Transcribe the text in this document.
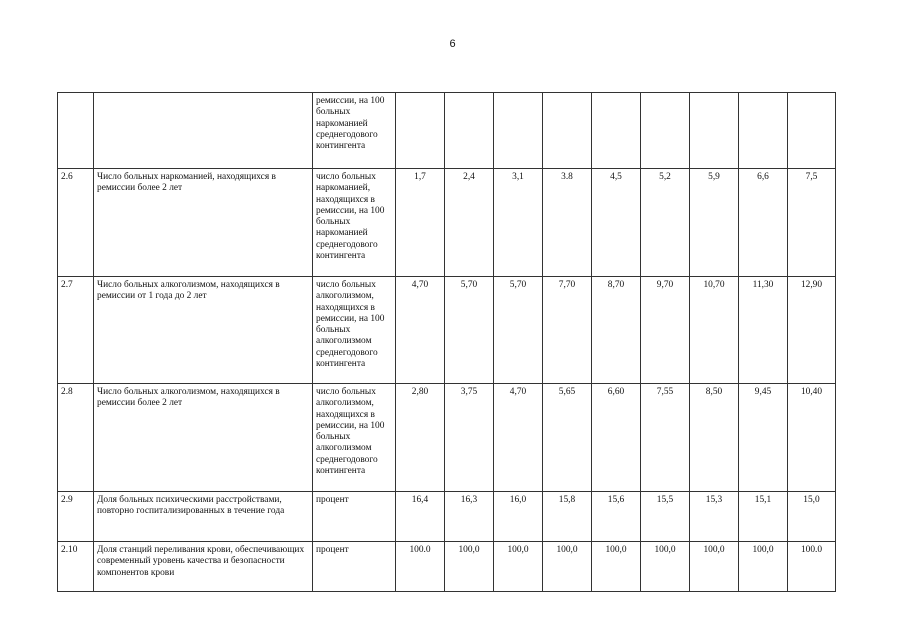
6
		ремиссии, на 100 больных наркоманией среднегодового контингента									
2.6	Число больных наркоманией, находящихся в ремиссии более 2 лет	число больных наркоманией, находящихся в ремиссии, на 100 больных наркоманией среднегодового контингента	1,7	2,4	3,1	3.8	4,5	5,2	5,9	6,6	7,5
2.7	Число больных алкоголизмом, находящихся в ремиссии от 1 года до 2 лет	число больных алкоголизмом, находящихся в ремиссии, на 100 больных алкоголизмом среднегодового контингента	4,70	5,70	5,70	7,70	8,70	9,70	10,70	11,30	12,90
2.8	Число больных алкоголизмом, находящихся в ремиссии более 2 лет	число больных алкоголизмом, находящихся в ремиссии, на 100 больных алкоголизмом среднегодового контингента	2,80	3,75	4,70	5,65	6,60	7,55	8,50	9,45	10,40
2.9	Доля больных психическими расстройствами, повторно госпитализированных в течение года	процент	16,4	16,3	16,0	15,8	15,6	15,5	15,3	15,1	15,0
2.10	Доля станций переливания крови, обеспечивающих современный уровень качества и безопасности компонентов крови	процент	100.0	100,0	100,0	100,0	100,0	100,0	100,0	100,0	100.0
